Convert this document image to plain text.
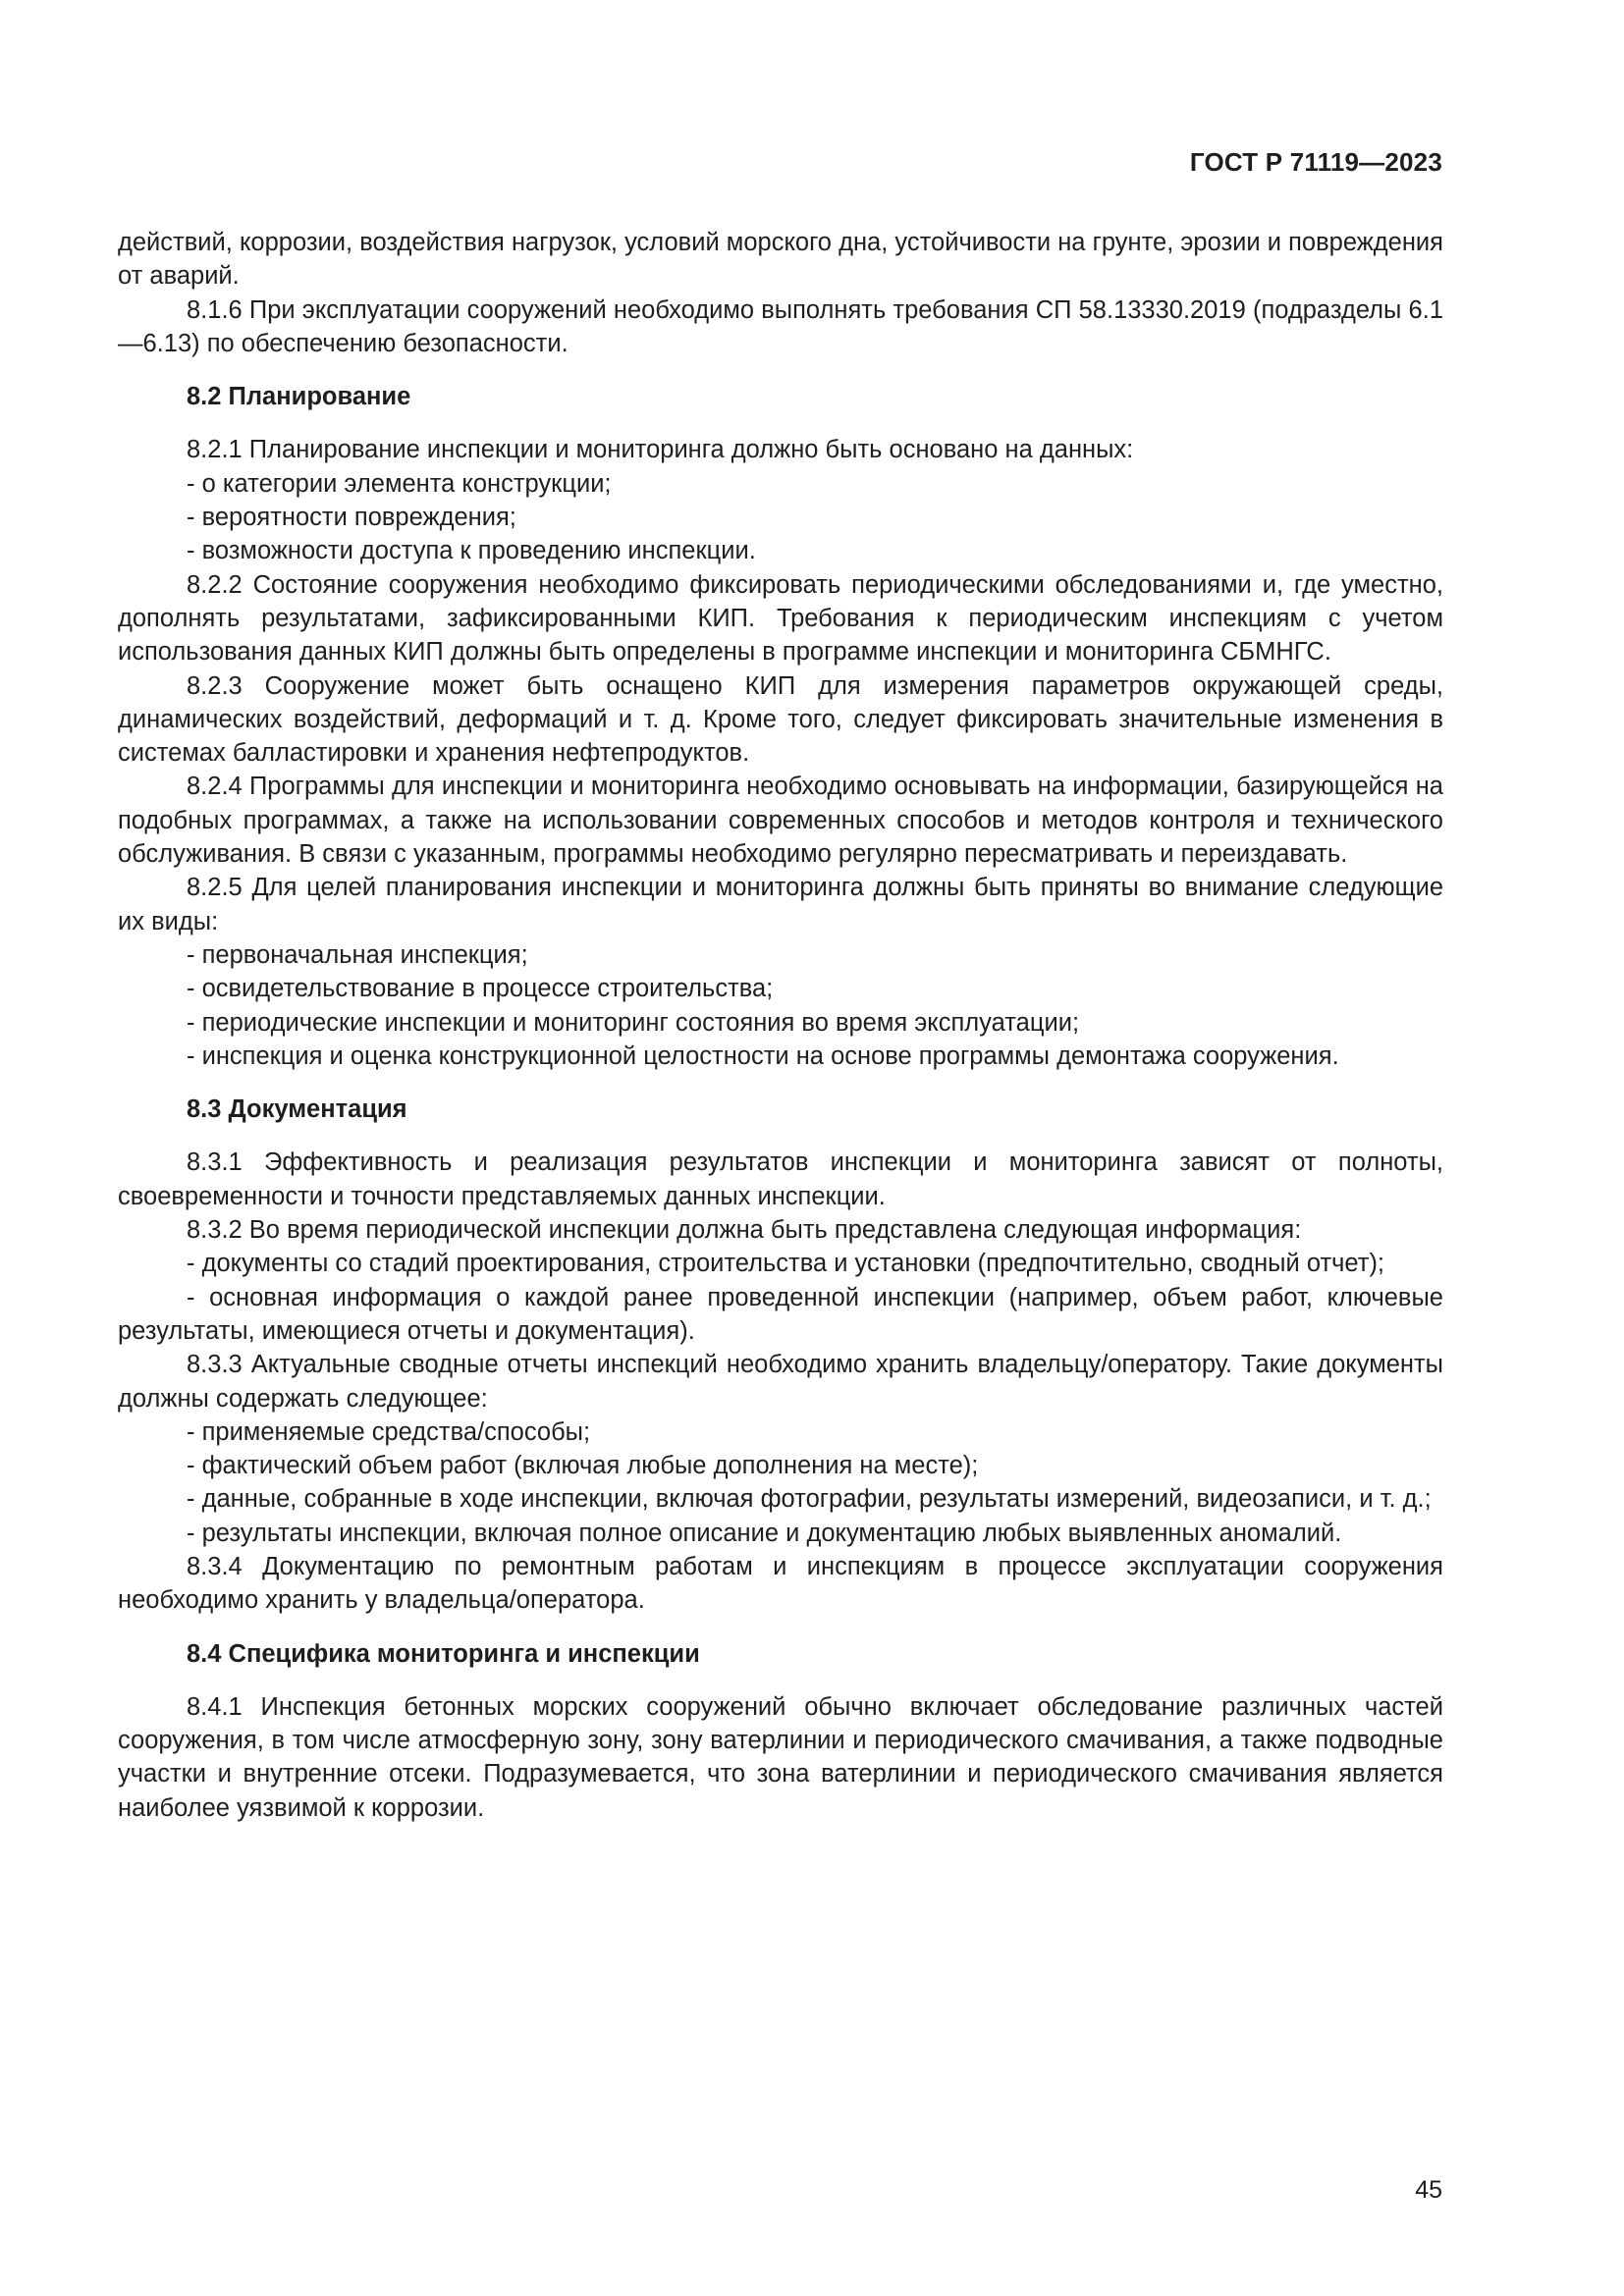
ГОСТ Р 71119—2023

действий, коррозии, воздействия нагрузок, условий морского дна, устойчивости на грунте, эрозии и повреждения от аварий.

8.1.6 При эксплуатации сооружений необходимо выполнять требования СП 58.13330.2019 (подразделы 6.1—6.13) по обеспечению безопасности.

8.2 Планирование

8.2.1 Планирование инспекции и мониторинга должно быть основано на данных:

- о категории элемента конструкции;

- вероятности повреждения;

- возможности доступа к проведению инспекции.

8.2.2 Состояние сооружения необходимо фиксировать периодическими обследованиями и, где уместно, дополнять результатами, зафиксированными КИП. Требования к периодическим инспекциям с учетом использования данных КИП должны быть определены в программе инспекции и мониторинга СБМНГС.

8.2.3 Сооружение может быть оснащено КИП для измерения параметров окружающей среды, динамических воздействий, деформаций и т. д. Кроме того, следует фиксировать значительные изменения в системах балластировки и хранения нефтепродуктов.

8.2.4 Программы для инспекции и мониторинга необходимо основывать на информации, базирующейся на подобных программах, а также на использовании современных способов и методов контроля и технического обслуживания. В связи с указанным, программы необходимо регулярно пересматривать и переиздавать.

8.2.5 Для целей планирования инспекции и мониторинга должны быть приняты во внимание следующие их виды:

- первоначальная инспекция;

- освидетельствование в процессе строительства;

- периодические инспекции и мониторинг состояния во время эксплуатации;

- инспекция и оценка конструкционной целостности на основе программы демонтажа сооружения.

8.3 Документация

8.3.1 Эффективность и реализация результатов инспекции и мониторинга зависят от полноты, своевременности и точности представляемых данных инспекции.

8.3.2 Во время периодической инспекции должна быть представлена следующая информация:

- документы со стадий проектирования, строительства и установки (предпочтительно, сводный отчет);

- основная информация о каждой ранее проведенной инспекции (например, объем работ, ключевые результаты, имеющиеся отчеты и документация).

8.3.3 Актуальные сводные отчеты инспекций необходимо хранить владельцу/оператору. Такие документы должны содержать следующее:

- применяемые средства/способы;

- фактический объем работ (включая любые дополнения на месте);

- данные, собранные в ходе инспекции, включая фотографии, результаты измерений, видеозаписи, и т. д.;

- результаты инспекции, включая полное описание и документацию любых выявленных аномалий.

8.3.4 Документацию по ремонтным работам и инспекциям в процессе эксплуатации сооружения необходимо хранить у владельца/оператора.

8.4 Специфика мониторинга и инспекции

8.4.1 Инспекция бетонных морских сооружений обычно включает обследование различных частей сооружения, в том числе атмосферную зону, зону ватерлинии и периодического смачивания, а также подводные участки и внутренние отсеки. Подразумевается, что зона ватерлинии и периодического смачивания является наиболее уязвимой к коррозии.

45
